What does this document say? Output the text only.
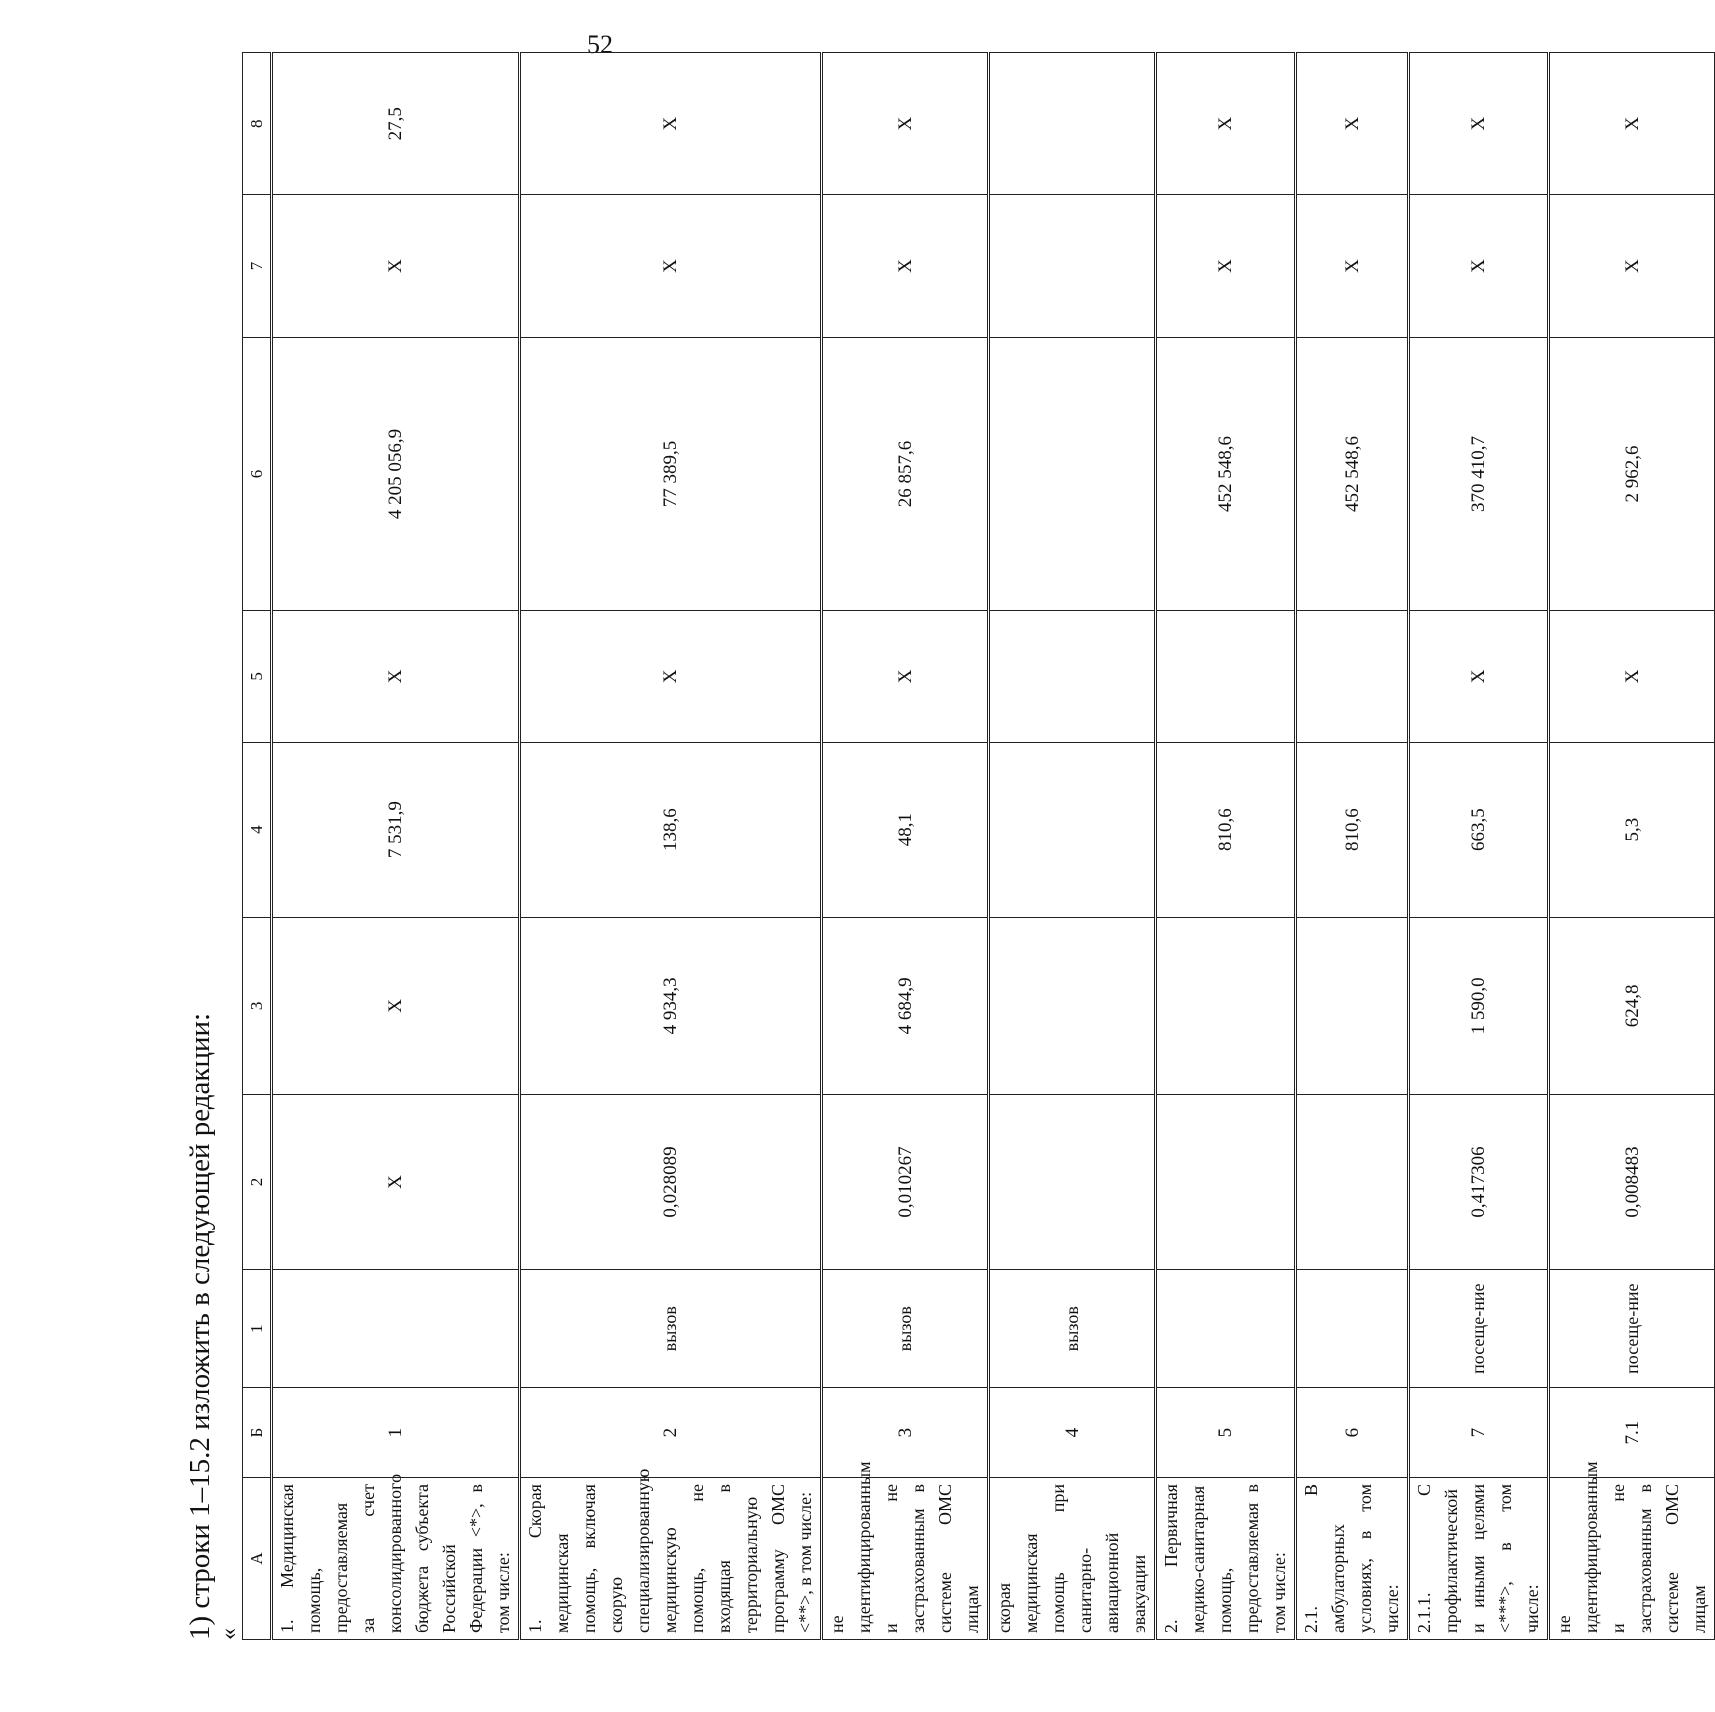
52
1) строки 1–15.2 изложить в следующей редакции: «
А	Б	1	2	3	4	5	6	7	8
1. Медицинская помощь, предоставляемая за счет консолидированного бюджета субъекта Российской Федерации <*>, в том числе:	1		X	X	7 531,9	X	4 205 056,9	X	27,5
1. Скорая медицинская помощь, включая скорую специализированную медицинскую помощь, не входящая в территориальную программу ОМС <**>, в том числе:	2	вызов	0,028089	4 934,3	138,6	X	77 389,5	X	X
не идентифицированным и не застрахованным в системе ОМС лицам	3	вызов	0,010267	4 684,9	48,1	X	26 857,6	X	X
скорая медицинская помощь при санитарно-авиационной эвакуации	4	вызов							
2. Первичная медико-санитарная помощь, предоставляемая в том числе:	5				810,6		452 548,6	X	X
2.1. В амбулаторных условиях, в том числе:	6				810,6		452 548,6	X	X
2.1.1. С профилактической и иными целями <***>, в том числе:	7	посеще-ние	0,417306	1 590,0	663,5	X	370 410,7	X	X
не идентифицированным и не застрахованным в системе ОМС лицам	7.1	посеще-ние	0,008483	624,8	5,3	X	2 962,6	X	X
